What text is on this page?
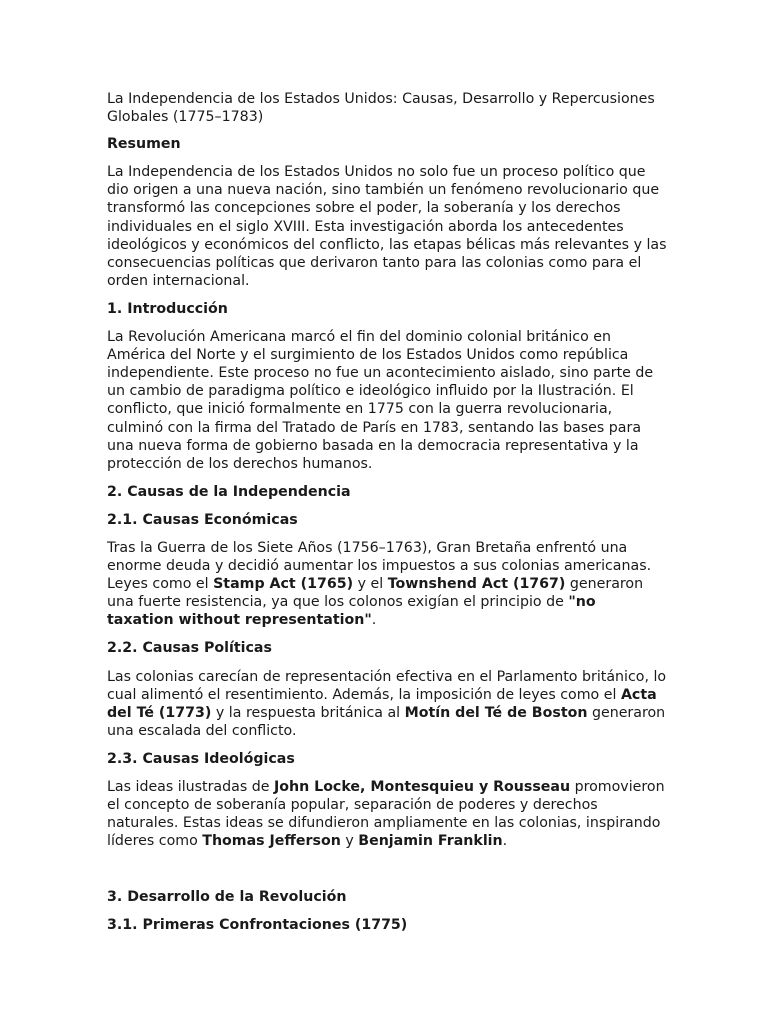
La Independencia de los Estados Unidos: Causas, Desarrollo y Repercusiones Globales (1775–1783)

Resumen

La Independencia de los Estados Unidos no solo fue un proceso político que dio origen a una nueva nación, sino también un fenómeno revolucionario que transformó las concepciones sobre el poder, la soberanía y los derechos individuales en el siglo XVIII. Esta investigación aborda los antecedentes ideológicos y económicos del conflicto, las etapas bélicas más relevantes y las consecuencias políticas que derivaron tanto para las colonias como para el orden internacional.

1. Introducción

La Revolución Americana marcó el fin del dominio colonial británico en América del Norte y el surgimiento de los Estados Unidos como república independiente. Este proceso no fue un acontecimiento aislado, sino parte de un cambio de paradigma político e ideológico influido por la Ilustración. El conflicto, que inició formalmente en 1775 con la guerra revolucionaria, culminó con la firma del Tratado de París en 1783, sentando las bases para una nueva forma de gobierno basada en la democracia representativa y la protección de los derechos humanos.

2. Causas de la Independencia

2.1. Causas Económicas

Tras la Guerra de los Siete Años (1756–1763), Gran Bretaña enfrentó una enorme deuda y decidió aumentar los impuestos a sus colonias americanas. Leyes como el Stamp Act (1765) y el Townshend Act (1767) generaron una fuerte resistencia, ya que los colonos exigían el principio de "no taxation without representation".

2.2. Causas Políticas

Las colonias carecían de representación efectiva en el Parlamento británico, lo cual alimentó el resentimiento. Además, la imposición de leyes como el Acta del Té (1773) y la respuesta británica al Motín del Té de Boston generaron una escalada del conflicto.

2.3. Causas Ideológicas

Las ideas ilustradas de John Locke, Montesquieu y Rousseau promovieron el concepto de soberanía popular, separación de poderes y derechos naturales. Estas ideas se difundieron ampliamente en las colonias, inspirando líderes como Thomas Jefferson y Benjamin Franklin.

3. Desarrollo de la Revolución

3.1. Primeras Confrontaciones (1775)
